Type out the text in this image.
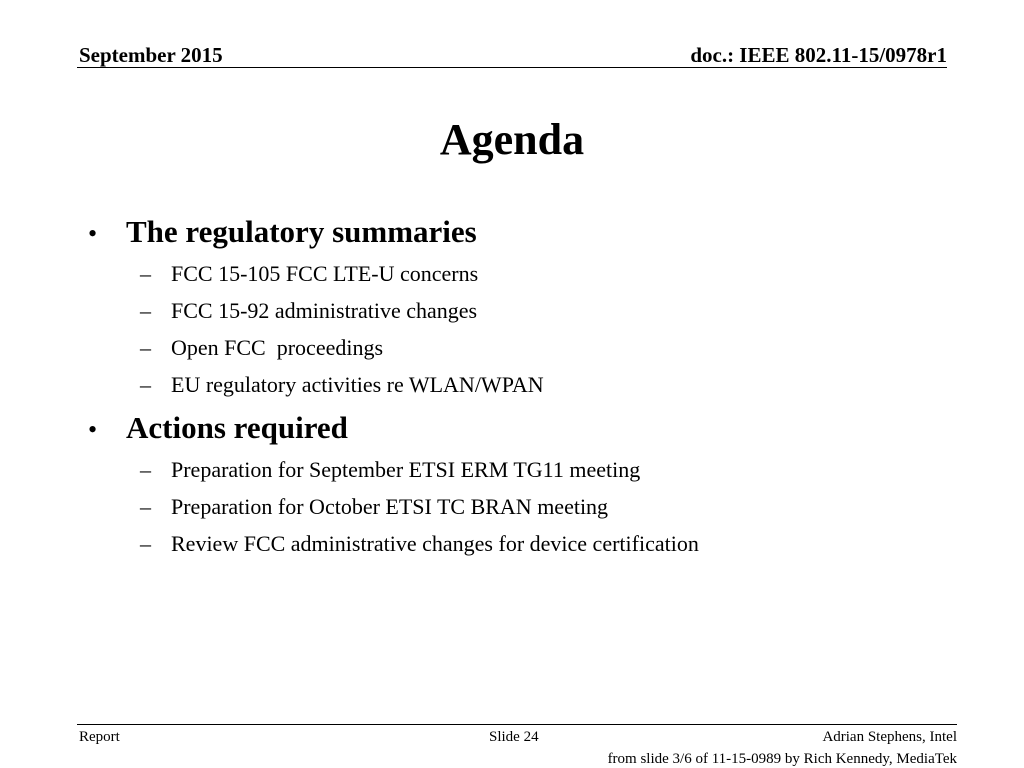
September 2015	doc.: IEEE 802.11-15/0978r1
Agenda
• The regulatory summaries
– FCC 15-105 FCC LTE-U concerns
– FCC 15-92 administrative changes
– Open FCC  proceedings
– EU regulatory activities re WLAN/WPAN
• Actions required
– Preparation for September ETSI ERM TG11 meeting
– Preparation for October ETSI TC BRAN meeting
– Review FCC administrative changes for device certification
Report	Slide 24	Adrian Stephens, Intel
from slide 3/6 of 11-15-0989 by Rich Kennedy, MediaTek
